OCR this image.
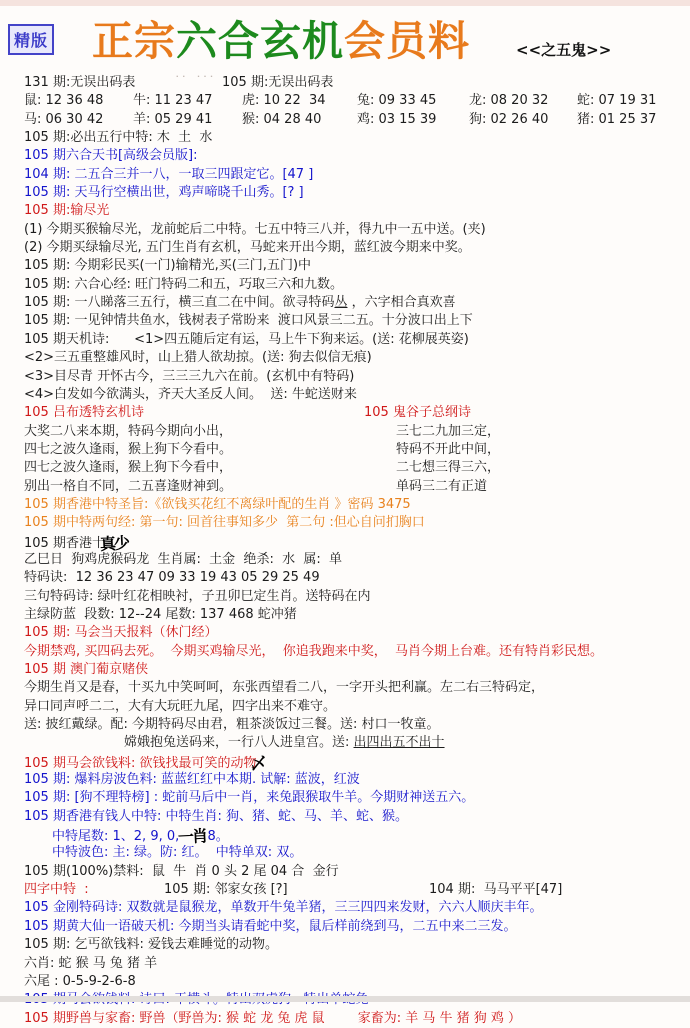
精版 正宗六合玄机会员料	<<之五鬼>>
131 期:无误出码表	˙˙  ˙˙˙ 105 期:无误出码表
鼠: 12 36 48 牛: 11 23 47 虎: 10 22  34 兔: 09 33 45	龙: 08 20 32 蛇: 07 19 31
马: 06 30 42 羊: 05 29 41 猴: 04 28 40	鸡: 03 15 39	狗: 02 26 40 猪: 01 25 37
105 期:必出五行中特: 木  土  水
105 期六合天书[高级会员版]:
104 期: 二五合三并一八，一取三四跟定它。[47 ]
105 期: 天马行空横出世，鸡声啼晓千山秀。[? ]
105 期:输尽光
(1) 今期买猴输尽光，龙前蛇后二中特。七五中特三八并，得九中一五中送。(夹)
(2) 今期买绿输尽光, 五门生肖有玄机，马蛇来开出今期，蓝红波今期来中奖。
105 期: 今期彩民买(一门)输精光,买(三门,五门)中
105 期: 六合心经: 旺门特码二和五，巧取三六和九数。
105 期: 一八睇落三五行，横三直二在中间。欲寻特码丛 ，六字相合真欢喜
105 期: 一见钟情共鱼水，钱树表子常盼来  渡口风景三二五。十分波口出上下
105 期天机诗:      <1>四五随后定有运，马上牛下狗来运。(送: 花柳展英姿)
<2>三五重整雄风时，山上猎人欲劫掠。(送: 狗去似信无痕)
<3>目尽青 开怀古今，三三三九六在前。(玄机中有特码)
<4>白发如今欲满头，齐天大圣反人间。  送: 牛蛇送财来
105 吕布透特玄机诗	105 鬼谷子总纲诗
大奖二八来本期，特码今期向小出，	三七二九加三定，
四七之波久逢雨，猴上狗下今看中。	特码不开此中间，
四七之波久逢雨，猴上狗下今看中，	二七想三得三六，
别出一格自不同，二五喜逢财神到。	单码三二有正道
105 期香港中特圣旨:《欲钱买花红不离绿叶配的生肖 》密码 3475
105 期中特两句经: 第一句: 回首往事知多少  第二句 :但心自问扪胸口
105 期香港十真少
乙巳日  狗鸡虎猴码龙  生肖属:  土金  绝杀:  水  属:  单
特码诀:  12 36 23 47 09 33 19 43 05 29 25 49
三句特码诗: 绿叶红花相映衬，子丑卯巳定生肖。送特码在内
主绿防蓝  段数: 12--24 尾数: 137 468 蛇冲猪
105 期: 马会当天报料（休门经）
今期禁鸡, 买四码去死。  今期买鸡输尽光，  你追我跑来中奖，  马肖今期上台难。还有特肖彩民想。
105 期 澳门葡京赌侠
今期生肖又是春，十买九中笑呵呵，东张西望看二八，一字开头把利赢。左二右三特码定，
异口同声呼二二，大有大玩旺九尾，四字出来不难守。
送: 披红戴绿。配: 今期特码尽由君，粗茶淡饭过三餐。送: 村口一牧童。
嫦娥抱兔送码来，一行八人进皇宫。送: 出四出五不出十
105 期马会欲钱料: 欲钱找最可笑的动物乄
105 期: 爆料房波色料: 蓝蓝红红中本期. 试解: 蓝波，红波
105 期: [狗不理特榜] : 蛇前马后中一肖，来兔跟猴取牛羊。今期财神送五六。
105 期香港有钱人中特: 中特生肖: 狗、猪、蛇、马、羊、蛇、猴。
中特尾数: 1、2, 9, 0, 一肖 8。
中特波色: 主: 绿。防: 红。  中特单双: 双。
105 期(100%)禁料:  鼠  牛  肖 0 头 2 尾 04 合  金行
四字中特  :	105 期: 邻家女孩 [?]	104 期:  马马平平[47]
105 金刚特码诗: 双数就是鼠猴龙，单数开牛兔羊猪，三三四四来发财，六六人顺庆丰年。
105 期黄大仙一语破天机: 今期当头请看蛇中奖，鼠后样前绕到马，二五中来二三发。
105 期: 乞丐欲钱料: 爱钱去难睡觉的动物。
六肖: 蛇 猴 马 兔 猪 羊
六尾 : 0-5-9-2-6-8
105 期野兽与家畜: 野兽（野兽为: 猴 蛇 龙 兔 虎 鼠        家畜为: 羊 马 牛 猪 狗 鸡 ）
